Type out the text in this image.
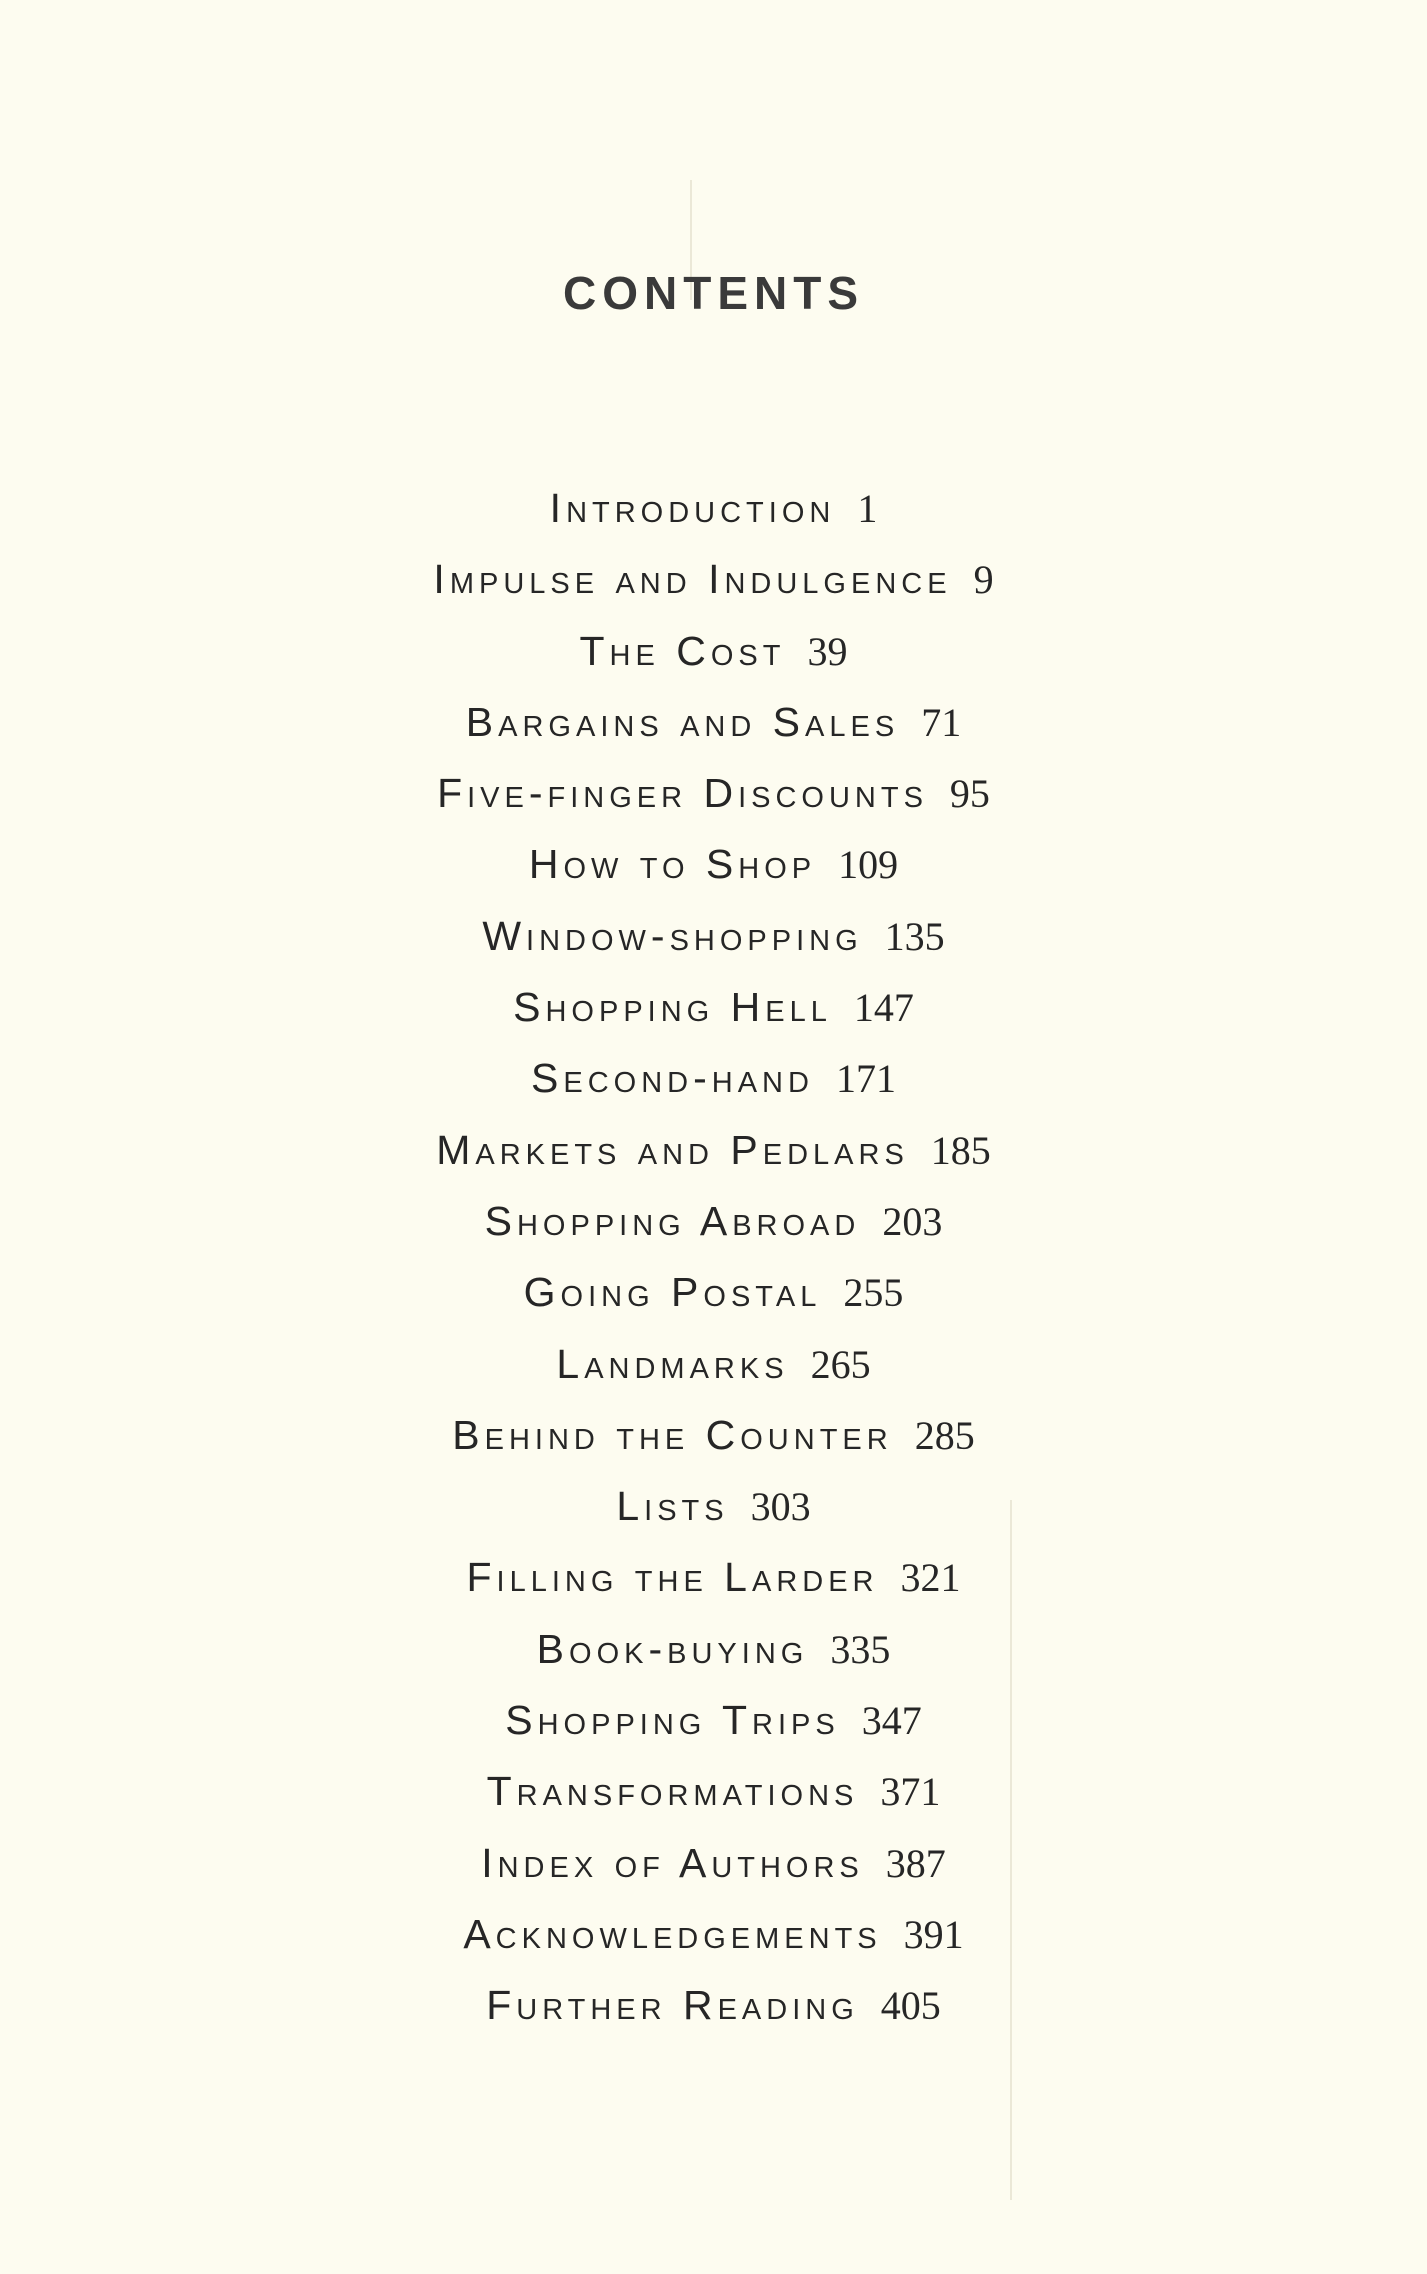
CONTENTS
Introduction 1
Impulse and Indulgence 9
The Cost 39
Bargains and Sales 71
Five-finger Discounts 95
How to Shop 109
Window-shopping 135
Shopping Hell 147
Second-hand 171
Markets and Pedlars 185
Shopping Abroad 203
Going Postal 255
Landmarks 265
Behind the Counter 285
Lists 303
Filling the Larder 321
Book-buying 335
Shopping Trips 347
Transformations 371
Index of Authors 387
Acknowledgements 391
Further Reading 405
